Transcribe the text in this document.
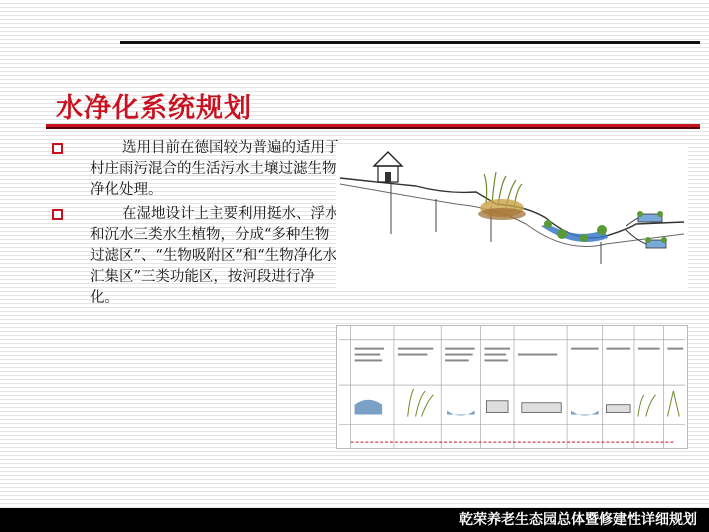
水净化系统规划

选用目前在德国较为普遍的适用于村庄雨污混合的生活污水土壤过滤生物净化处理。

在湿地设计上主要利用挺水、浮水和沉水三类水生植物，分成“多种生物过滤区”、“生物吸附区”和“生物净化水汇集区”三类功能区，按河段进行净化。

乾荣养老生态园总体暨修建性详细规划
